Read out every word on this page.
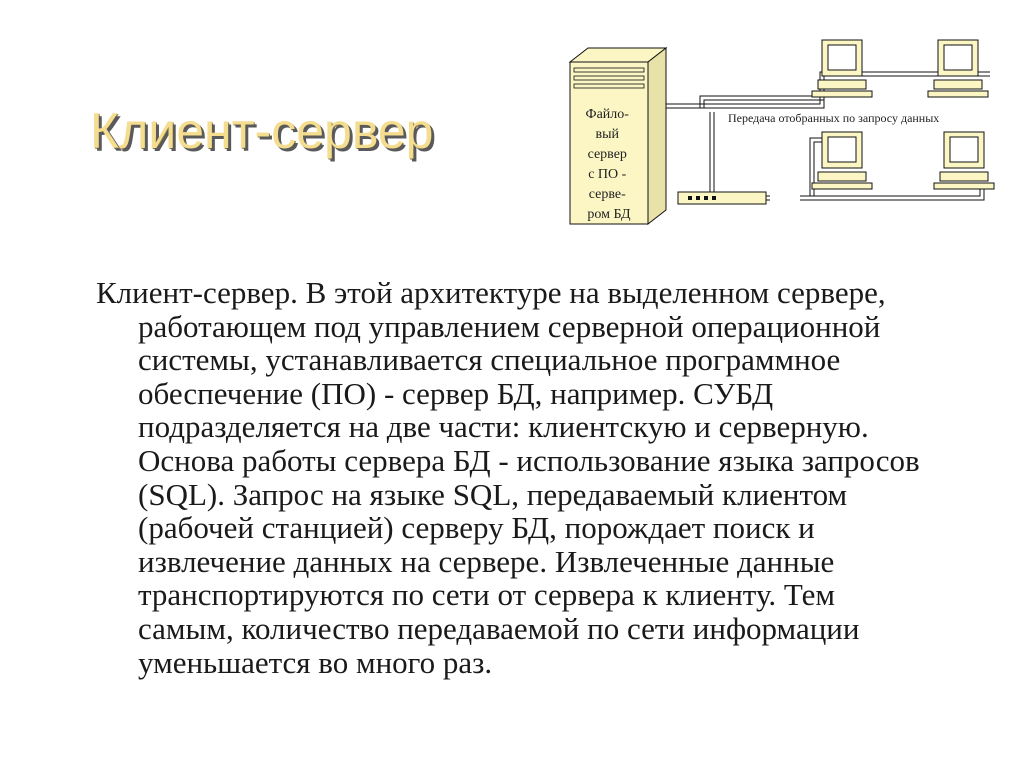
Клиент-сервер	Файло- вый сервер с ПО - серве- ром БД
Передача отобранных по запросу данных

Клиент-сервер. В этой архитектуре на выделенном сервере, работающем под управлением серверной операционной системы, устанавливается специальное программное обеспечение (ПО) - сервер БД, например. СУБД подразделяется на две части: клиентскую и серверную. Основа работы сервера БД - использование языка запросов (SQL). Запрос на языке SQL, передаваемый клиентом (рабочей станцией) серверу БД, порождает поиск и извлечение данных на сервере. Извлеченные данные транспортируются по сети от сервера к клиенту. Тем самым, количество передаваемой по сети информации уменьшается во много раз.
